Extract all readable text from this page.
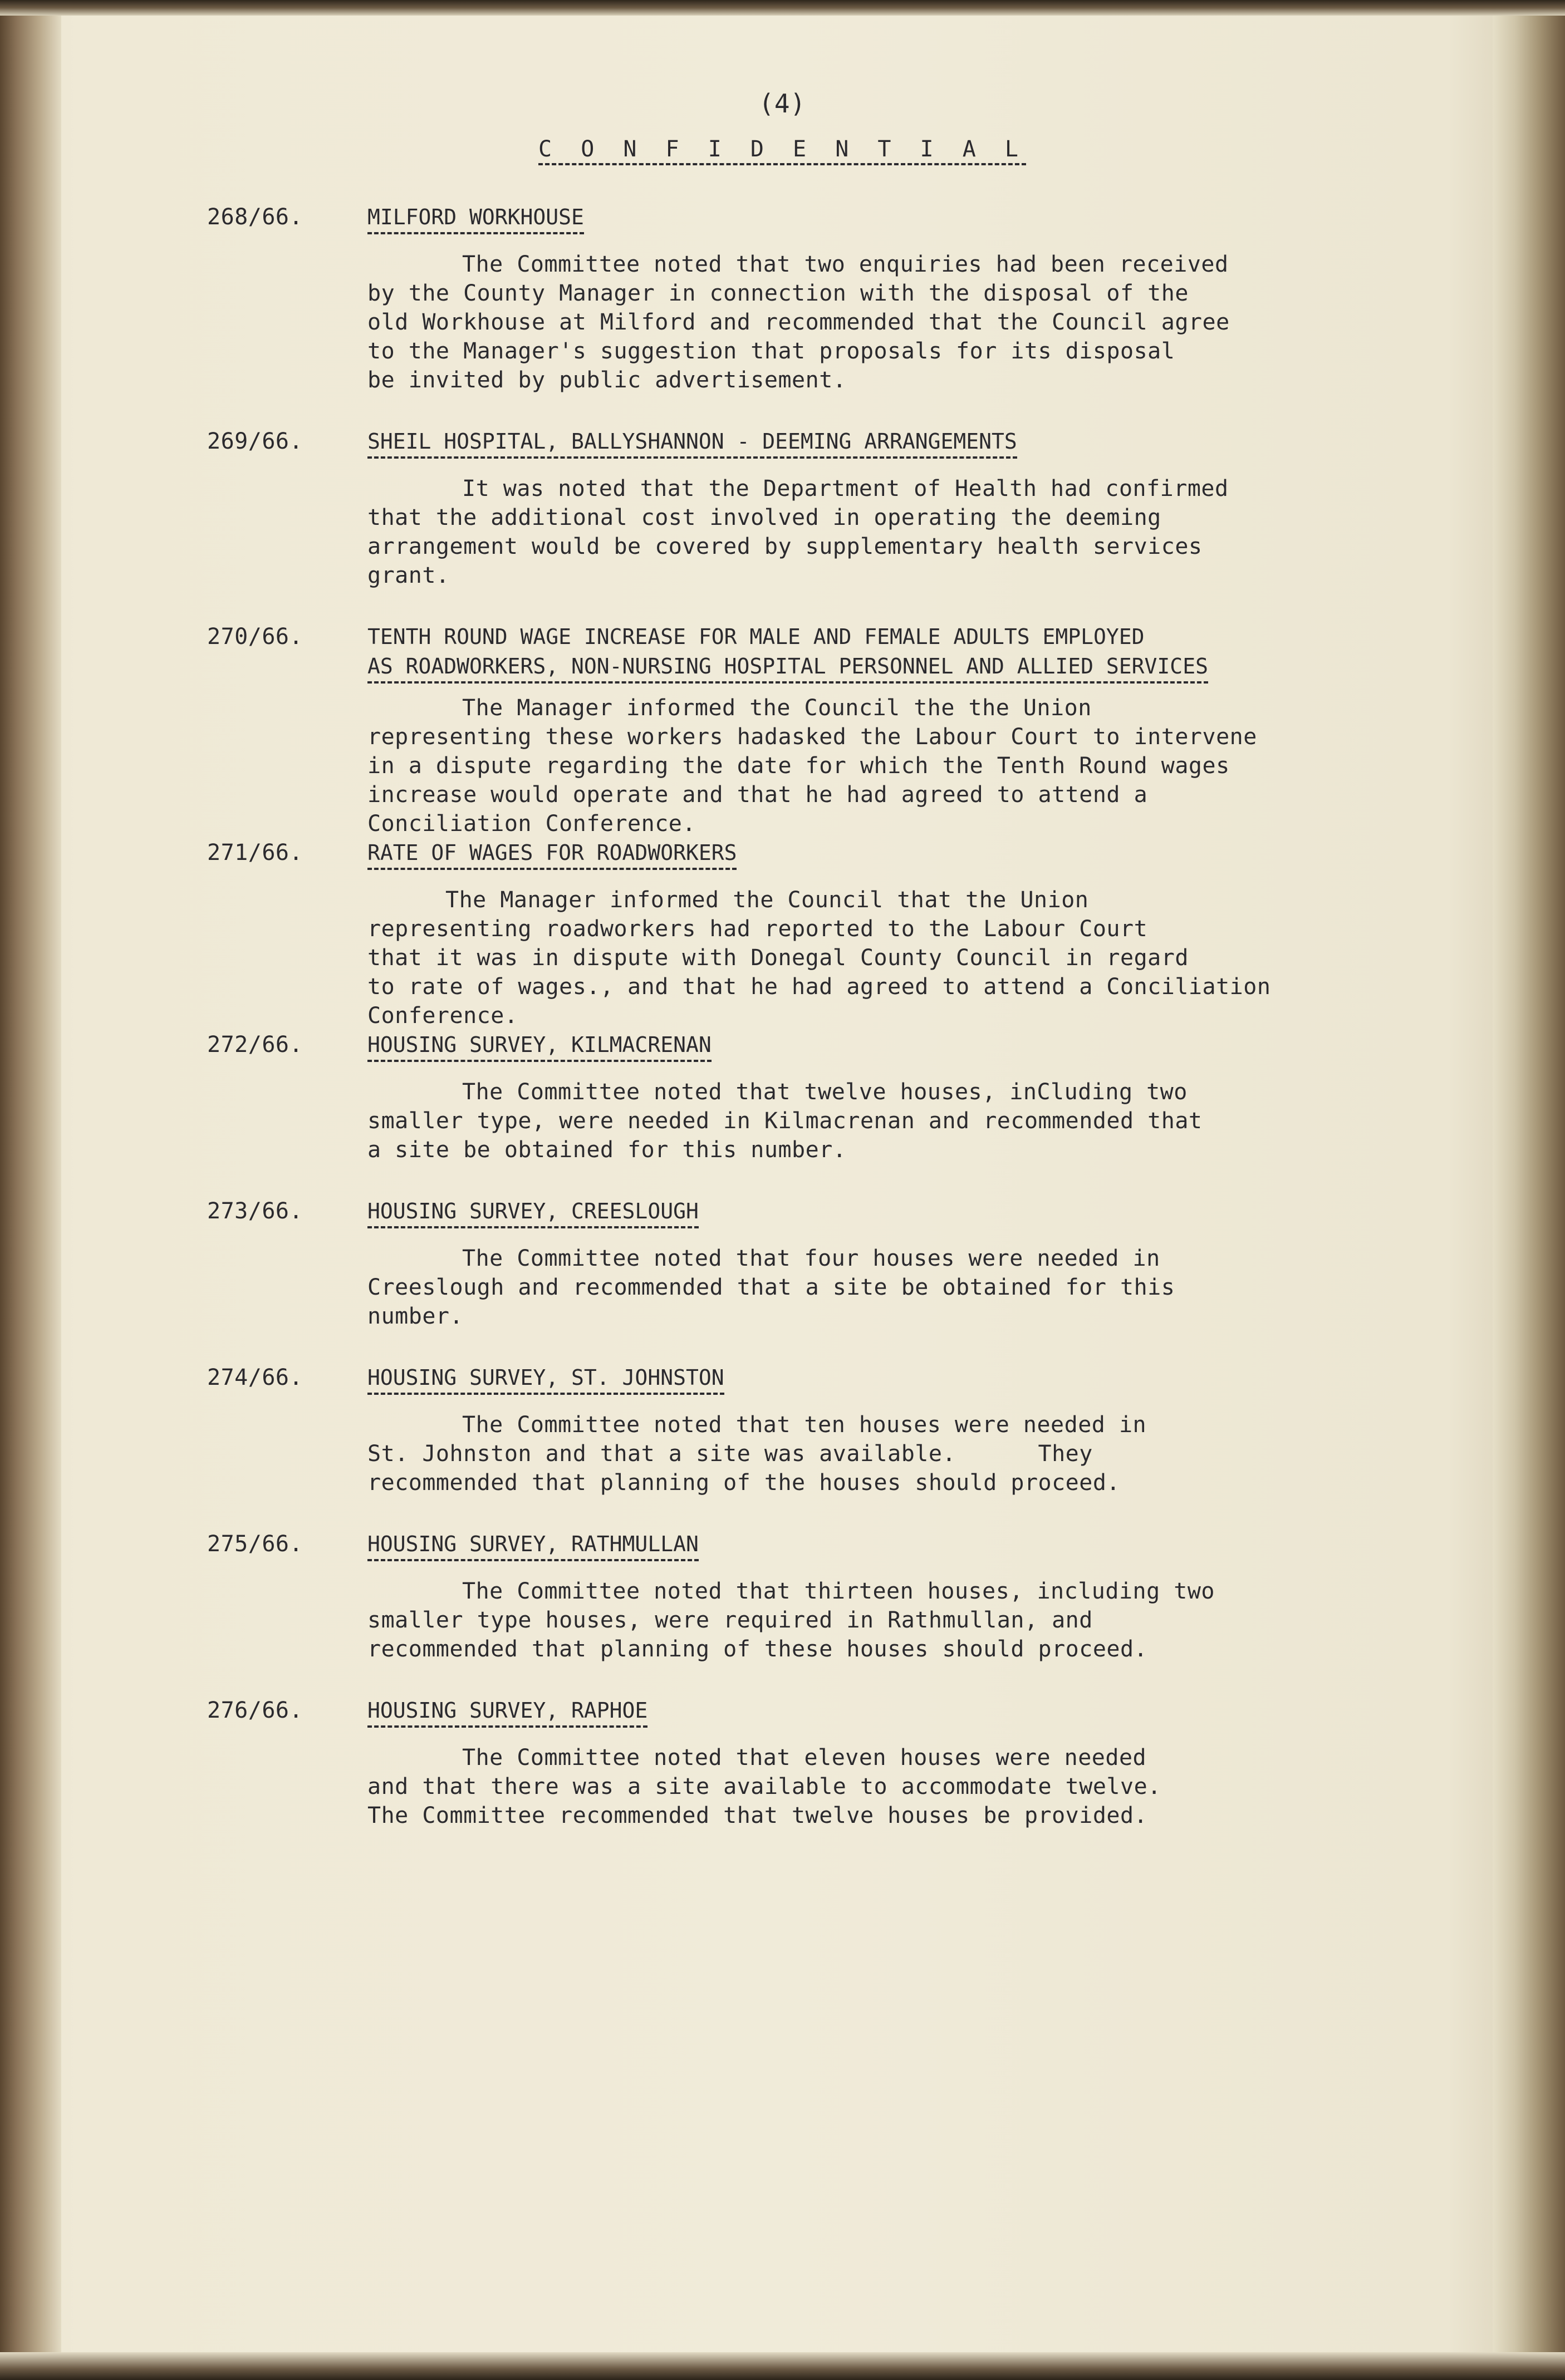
(4)
C O N F I D E N T I A L
268/66.	MILFORD WORKHOUSE
The Committee noted that two enquiries had been received
by the County Manager in connection with the disposal of the
old Workhouse at Milford and recommended that the Council agree
to the Manager's suggestion that proposals for its disposal
be invited by public advertisement.
269/66.	SHEIL HOSPITAL, BALLYSHANNON - DEEMING ARRANGEMENTS
It was noted that the Department of Health had confirmed
that the additional cost involved in operating the deeming
arrangement would be covered by supplementary health services
grant.
270/66.	TENTH ROUND WAGE INCREASE FOR MALE AND FEMALE ADULTS EMPLOYED
AS ROADWORKERS, NON-NURSING HOSPITAL PERSONNEL AND ALLIED SERVICES
The Manager informed the Council the the Union
representing these workers hadasked the Labour Court to intervene
in a dispute regarding the date for which the Tenth Round wages
increase would operate and that he had agreed to attend a
Conciliation Conference.
271/66.	RATE OF WAGES FOR ROADWORKERS
The Manager informed the Council that the Union
representing roadworkers had reported to the Labour Court
that it was in dispute with Donegal County Council in regard
to rate of wages., and that he had agreed to attend a Conciliation
Conference.
272/66.	HOUSING SURVEY, KILMACRENAN
The Committee noted that twelve houses, inCluding two
smaller type, were needed in Kilmacrenan and recommended that
a site be obtained for this number.
273/66.	HOUSING SURVEY, CREESLOUGH
The Committee noted that four houses were needed in
Creeslough and recommended that a site be obtained for this
number.
274/66.	HOUSING SURVEY, ST. JOHNSTON
The Committee noted that ten houses were needed in
St. Johnston and that a site was available.      They
recommended that planning of the houses should proceed.
275/66.	HOUSING SURVEY, RATHMULLAN
The Committee noted that thirteen houses, including two
smaller type houses, were required in Rathmullan, and
recommended that planning of these houses should proceed.
276/66.	HOUSING SURVEY, RAPHOE
The Committee noted that eleven houses were needed
and that there was a site available to accommodate twelve.
The Committee recommended that twelve houses be provided.
